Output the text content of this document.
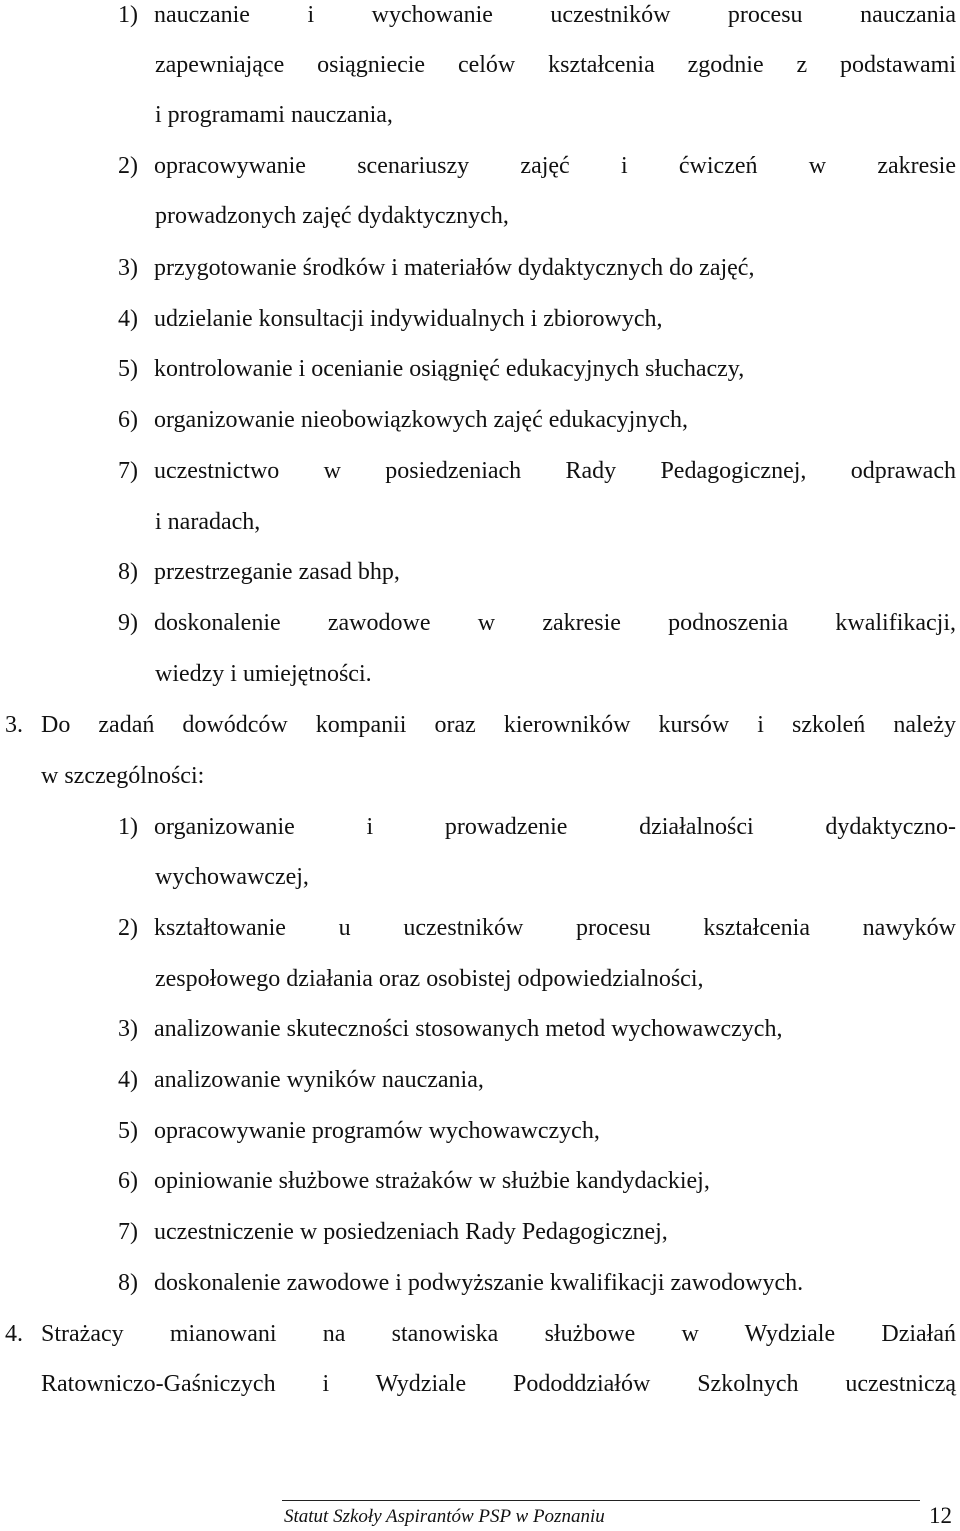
1) nauczanie i wychowanie uczestników procesu nauczania
zapewniające osiągniecie celów kształcenia zgodnie z podstawami
i programami nauczania,
2) opracowywanie scenariuszy zajęć i ćwiczeń w zakresie
prowadzonych zajęć dydaktycznych,
3) przygotowanie środków i materiałów dydaktycznych do zajęć,
4) udzielanie konsultacji indywidualnych i zbiorowych,
5) kontrolowanie i ocenianie osiągnięć edukacyjnych słuchaczy,
6) organizowanie nieobowiązkowych zajęć edukacyjnych,
7) uczestnictwo w posiedzeniach Rady Pedagogicznej, odprawach
i naradach,
8) przestrzeganie zasad bhp,
9) doskonalenie zawodowe w zakresie podnoszenia kwalifikacji,
wiedzy i umiejętności.
3. Do zadań dowódców kompanii oraz kierowników kursów i szkoleń należy
w szczególności:
1) organizowanie i prowadzenie działalności dydaktyczno-
wychowawczej,
2) kształtowanie u uczestników procesu kształcenia nawyków
zespołowego działania oraz osobistej odpowiedzialności,
3) analizowanie skuteczności stosowanych metod wychowawczych,
4) analizowanie wyników nauczania,
5) opracowywanie programów wychowawczych,
6) opiniowanie służbowe strażaków w służbie kandydackiej,
7) uczestniczenie w posiedzeniach Rady Pedagogicznej,
8) doskonalenie zawodowe i podwyższanie kwalifikacji zawodowych.
4. Strażacy mianowani na stanowiska służbowe w Wydziale Działań
Ratowniczo-Gaśniczych i Wydziale Pododdziałów Szkolnych uczestniczą
Statut Szkoły Aspirantów PSP w Poznaniu	12
